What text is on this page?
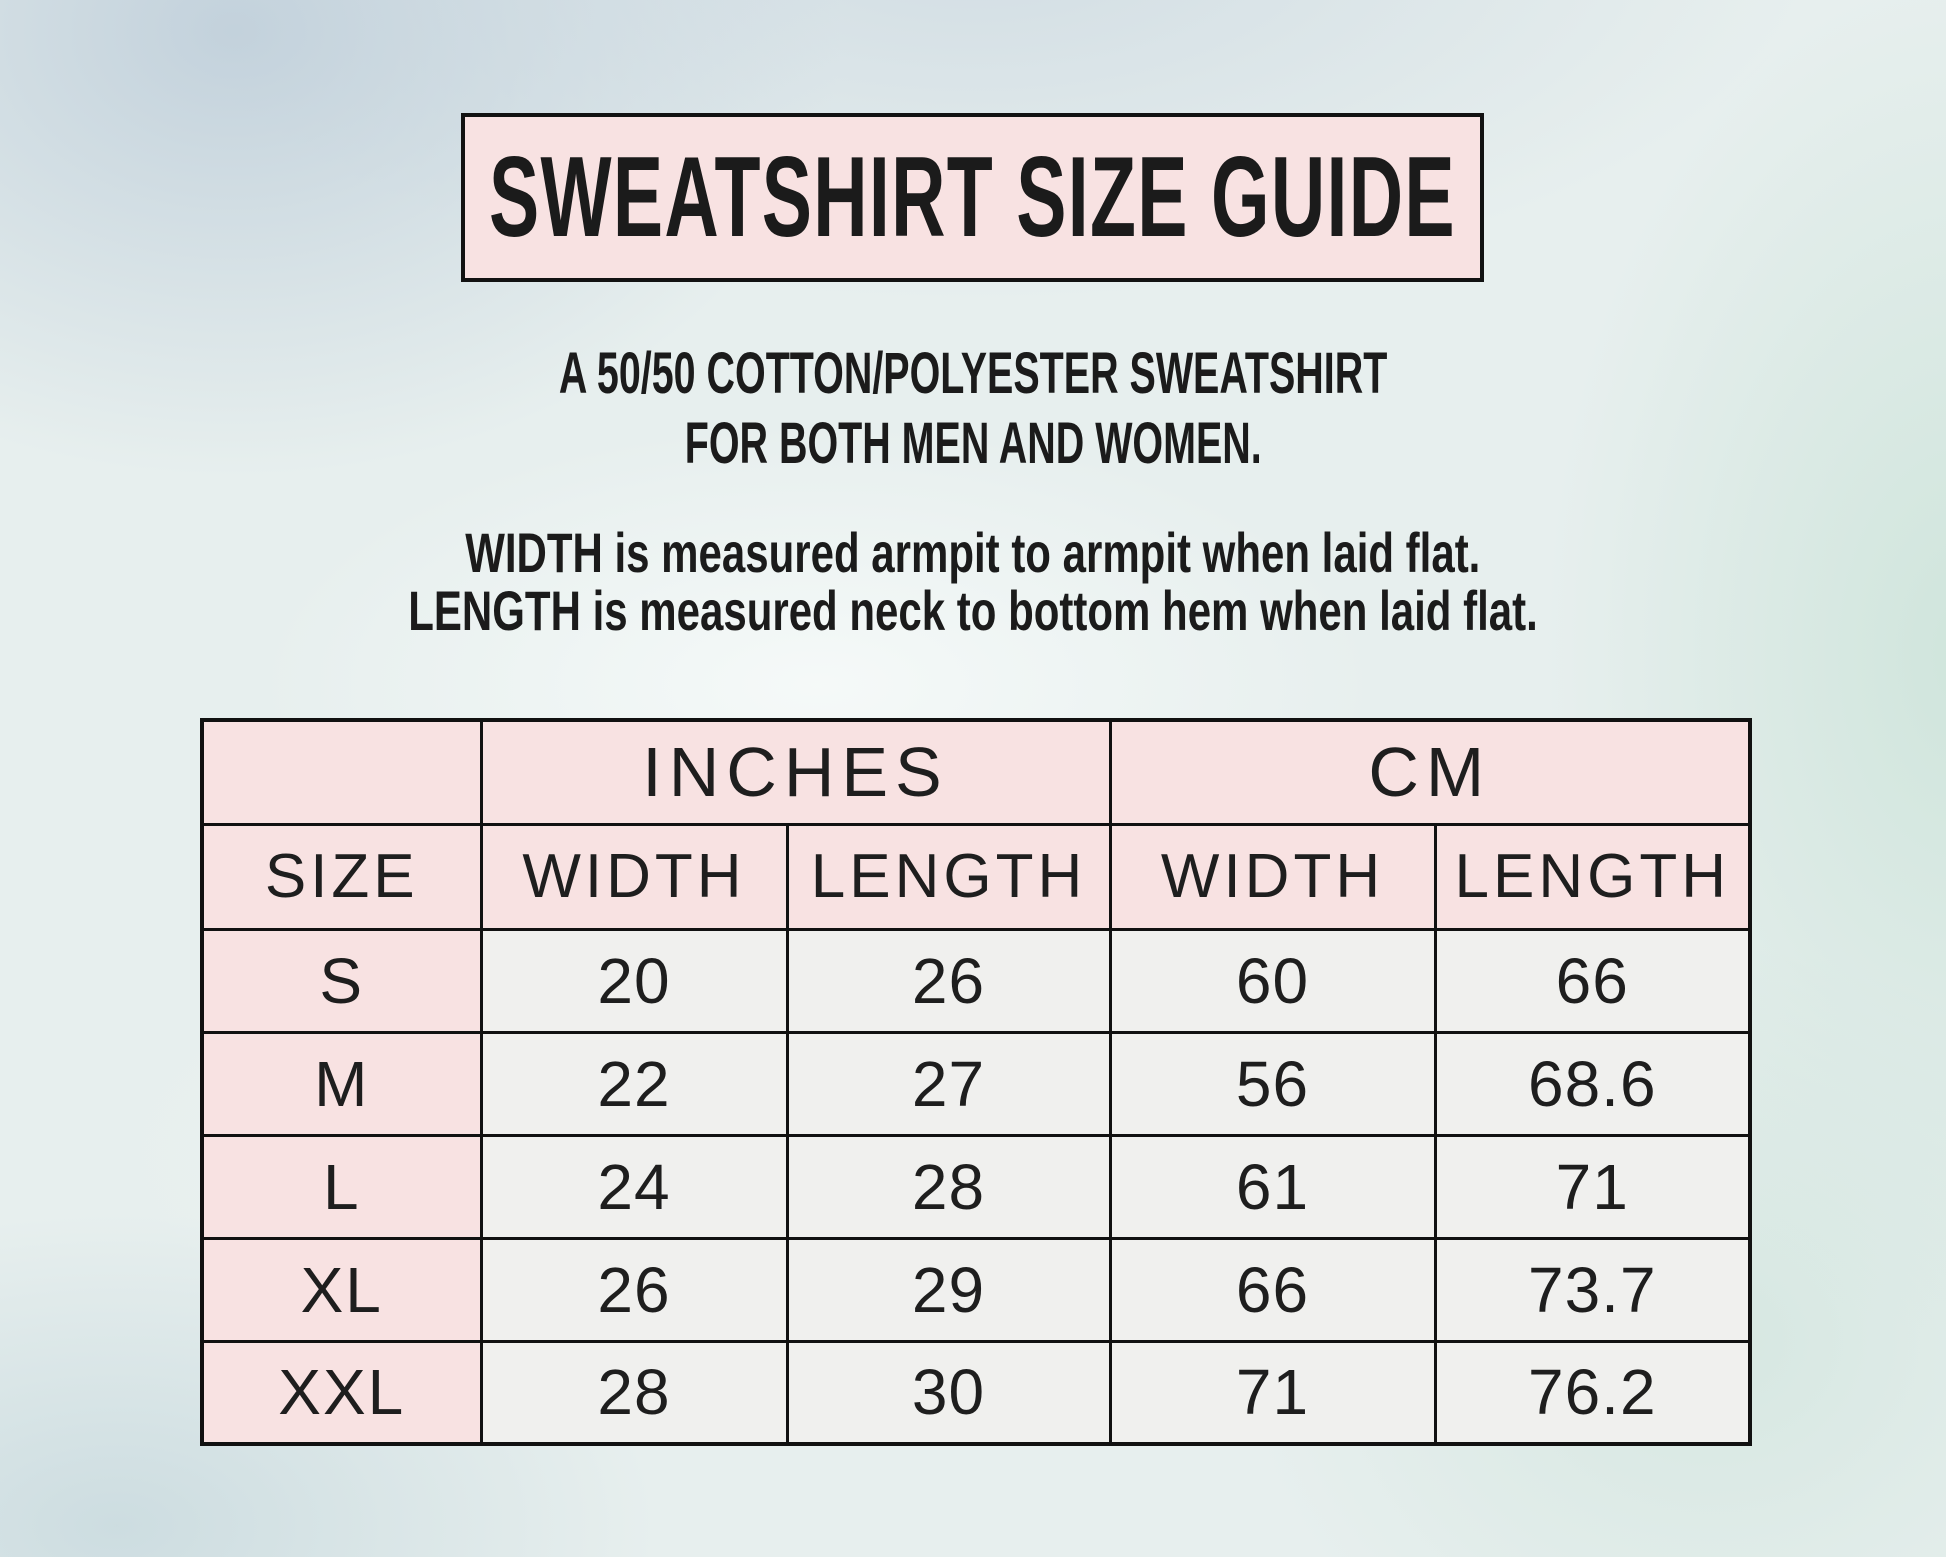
SWEATSHIRT SIZE GUIDE
A 50/50 COTTON/POLYESTER SWEATSHIRT
FOR BOTH MEN AND WOMEN.
WIDTH is measured armpit to armpit when laid flat.
LENGTH is measured neck to bottom hem when laid flat.
	INCHES		CM	
SIZE	WIDTH	LENGTH	WIDTH	LENGTH
S	20	26	60	66
M	22	27	56	68.6
L	24	28	61	71
XL	26	29	66	73.7
XXL	28	30	71	76.2
